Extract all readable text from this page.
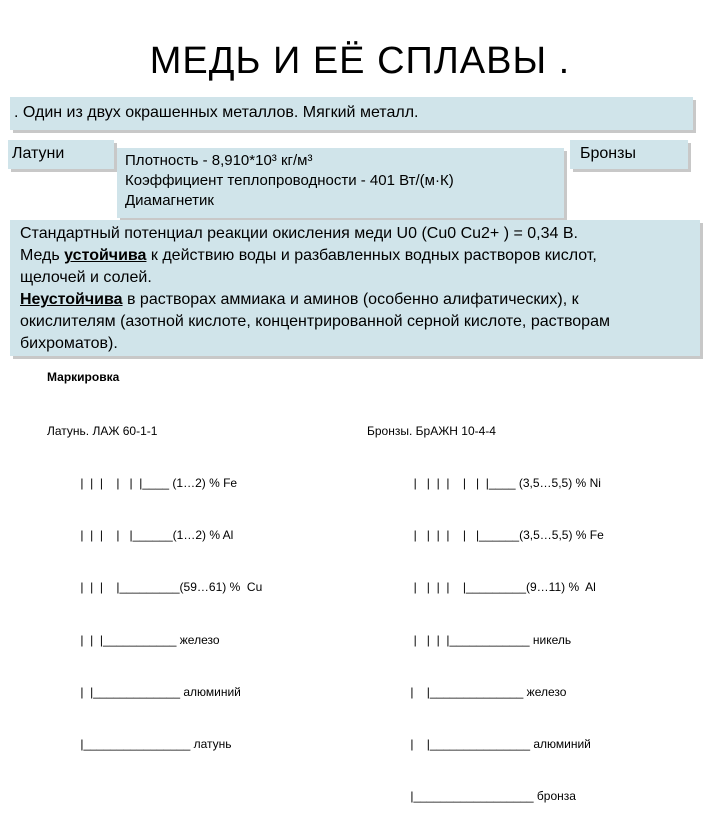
МЕДЬ И ЕЁ СПЛАВЫ .
. Один из двух окрашенных металлов. Мягкий металл.
Латуни	Бронзы
Плотность - 8,910*10³ кг/м³
Коэффициент теплопроводности - 401 Вт/(м·К)
Диамагнетик
Стандартный потенциал реакции окисления меди U0 (Cu0 Cu2+ ) = 0,34 В.
Медь устойчива к действию воды и разбавленных водных растворов кислот,
щелочей и солей.
Неустойчива в растворах аммиака и аминов (особенно алифатических), к
окислителям (азотной кислоте, концентрированной серной кислоте, растворам
бихроматов).
Маркировка

Латунь. ЛАЖ 60-1-1

|  |  |    |   |  |____ (1…2) % Fe

|  |  |    |   |______(1…2) % Al

|  |  |    |_________(59…61) %  Cu

|  |  |___________ железо

|  |_____________ алюминий

|________________ латунь

Бронзы. БрАЖН 10-4-4

|   |  |  |    |   |  |____ (3,5…5,5) % Ni

|   |  |  |    |   |______(3,5…5,5) % Fe

|   |  |  |    |_________(9…11) %  Al

|   |  |  |____________ никель

|    |______________ железо

|    |_______________ алюминий

|__________________ бронза
